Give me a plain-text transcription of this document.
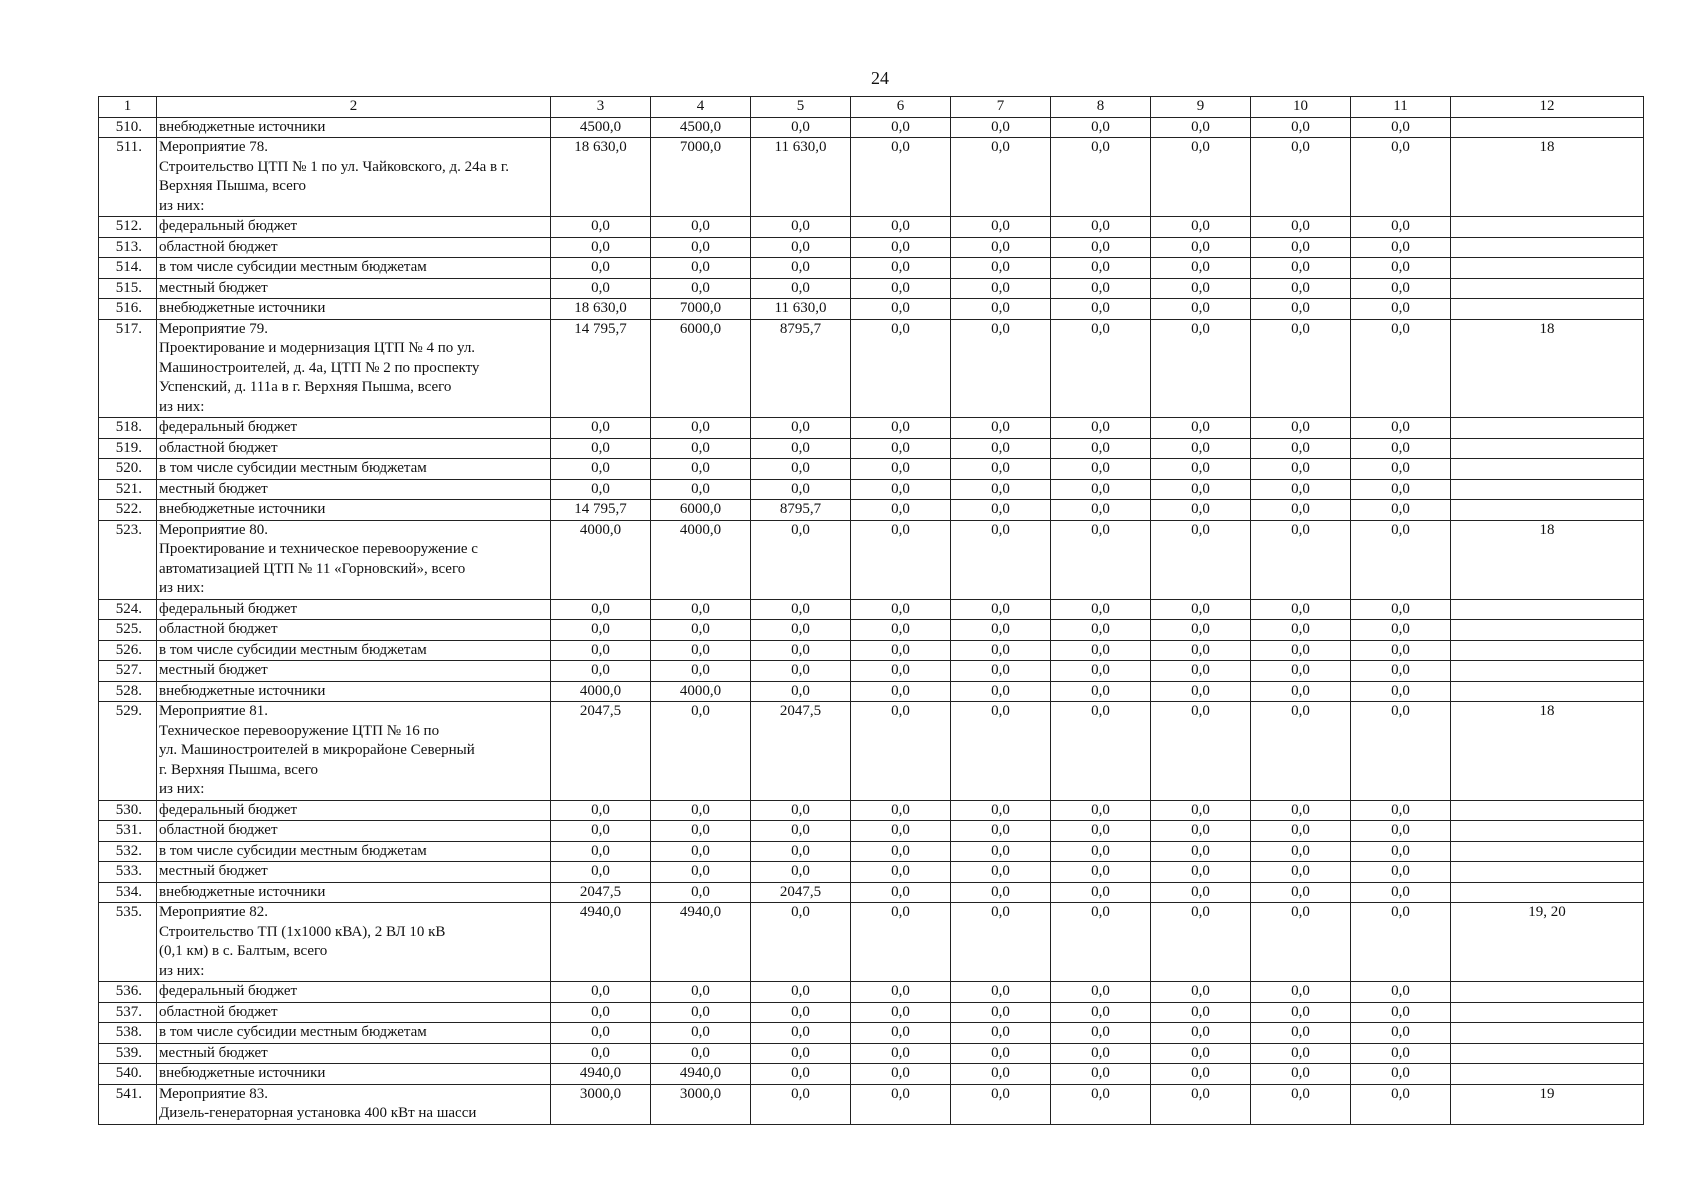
24
1	2	3	4	5	6	7	8	9	10	11	12
510.	внебюджетные источники	4500,0	4500,0	0,0	0,0	0,0	0,0	0,0	0,0	0,0	
511.	Мероприятие 78.
Строительство ЦТП № 1 по ул. Чайковского, д. 24а в г. Верхняя Пышма, всего
из них:	18 630,0	7000,0	11 630,0	0,0	0,0	0,0	0,0	0,0	0,0	18
512.	федеральный бюджет	0,0	0,0	0,0	0,0	0,0	0,0	0,0	0,0	0,0	
513.	областной бюджет	0,0	0,0	0,0	0,0	0,0	0,0	0,0	0,0	0,0	
514.	в том числе субсидии местным бюджетам	0,0	0,0	0,0	0,0	0,0	0,0	0,0	0,0	0,0	
515.	местный бюджет	0,0	0,0	0,0	0,0	0,0	0,0	0,0	0,0	0,0	
516.	внебюджетные источники	18 630,0	7000,0	11 630,0	0,0	0,0	0,0	0,0	0,0	0,0	
517.	Мероприятие 79.
Проектирование и модернизация ЦТП № 4 по ул. Машиностроителей, д. 4а, ЦТП № 2 по проспекту Успенский, д. 111а в г. Верхняя Пышма, всего
из них:	14 795,7	6000,0	8795,7	0,0	0,0	0,0	0,0	0,0	0,0	18
518.	федеральный бюджет	0,0	0,0	0,0	0,0	0,0	0,0	0,0	0,0	0,0	
519.	областной бюджет	0,0	0,0	0,0	0,0	0,0	0,0	0,0	0,0	0,0	
520.	в том числе субсидии местным бюджетам	0,0	0,0	0,0	0,0	0,0	0,0	0,0	0,0	0,0	
521.	местный бюджет	0,0	0,0	0,0	0,0	0,0	0,0	0,0	0,0	0,0	
522.	внебюджетные источники	14 795,7	6000,0	8795,7	0,0	0,0	0,0	0,0	0,0	0,0	
523.	Мероприятие 80.
Проектирование и техническое перевооружение с автоматизацией ЦТП № 11 «Горновский», всего
из них:	4000,0	4000,0	0,0	0,0	0,0	0,0	0,0	0,0	0,0	18
524.	федеральный бюджет	0,0	0,0	0,0	0,0	0,0	0,0	0,0	0,0	0,0	
525.	областной бюджет	0,0	0,0	0,0	0,0	0,0	0,0	0,0	0,0	0,0	
526.	в том числе субсидии местным бюджетам	0,0	0,0	0,0	0,0	0,0	0,0	0,0	0,0	0,0	
527.	местный бюджет	0,0	0,0	0,0	0,0	0,0	0,0	0,0	0,0	0,0	
528.	внебюджетные источники	4000,0	4000,0	0,0	0,0	0,0	0,0	0,0	0,0	0,0	
529.	Мероприятие 81.
Техническое перевооружение ЦТП № 16 по
ул. Машиностроителей в микрорайоне Северный
г. Верхняя Пышма, всего
из них:	2047,5	0,0	2047,5	0,0	0,0	0,0	0,0	0,0	0,0	18
530.	федеральный бюджет	0,0	0,0	0,0	0,0	0,0	0,0	0,0	0,0	0,0	
531.	областной бюджет	0,0	0,0	0,0	0,0	0,0	0,0	0,0	0,0	0,0	
532.	в том числе субсидии местным бюджетам	0,0	0,0	0,0	0,0	0,0	0,0	0,0	0,0	0,0	
533.	местный бюджет	0,0	0,0	0,0	0,0	0,0	0,0	0,0	0,0	0,0	
534.	внебюджетные источники	2047,5	0,0	2047,5	0,0	0,0	0,0	0,0	0,0	0,0	
535.	Мероприятие 82.
Строительство ТП (1х1000 кВА), 2 ВЛ 10 кВ
(0,1 км) в с. Балтым, всего
из них:	4940,0	4940,0	0,0	0,0	0,0	0,0	0,0	0,0	0,0	19, 20
536.	федеральный бюджет	0,0	0,0	0,0	0,0	0,0	0,0	0,0	0,0	0,0	
537.	областной бюджет	0,0	0,0	0,0	0,0	0,0	0,0	0,0	0,0	0,0	
538.	в том числе субсидии местным бюджетам	0,0	0,0	0,0	0,0	0,0	0,0	0,0	0,0	0,0	
539.	местный бюджет	0,0	0,0	0,0	0,0	0,0	0,0	0,0	0,0	0,0	
540.	внебюджетные источники	4940,0	4940,0	0,0	0,0	0,0	0,0	0,0	0,0	0,0	
541.	Мероприятие 83.
Дизель-генераторная установка 400 кВт на шасси	3000,0	3000,0	0,0	0,0	0,0	0,0	0,0	0,0	0,0	19
